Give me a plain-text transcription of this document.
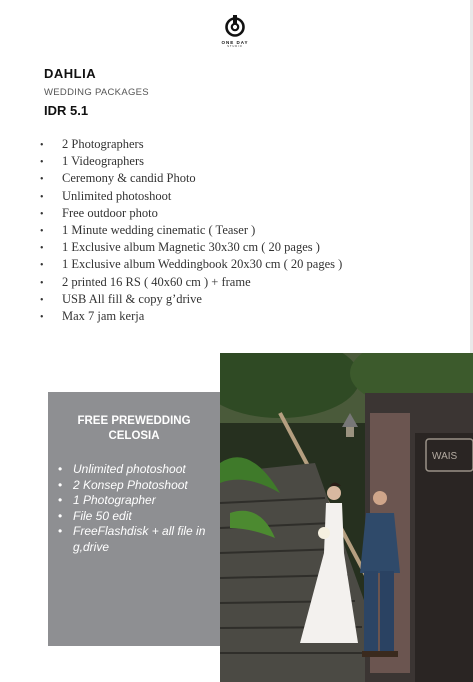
ONE DAY
STUDIO
DAHLIA
WEDDING PACKAGES
IDR 5.1
• 2 Photographers
• 1 Videographers
• Ceremony & candid Photo
• Unlimited photoshoot
• Free outdoor photo
• 1 Minute wedding cinematic ( Teaser )
• 1 Exclusive album Magnetic 30x30 cm ( 20 pages )
• 1 Exclusive album Weddingbook 20x30 cm ( 20 pages )
• 2 printed 16 RS ( 40x60 cm ) + frame
• USB All fill & copy g’drive
• Max 7 jam kerja
WAIS
FREE PREWEDDING
CELOSIA
• Unlimited photoshoot
• 2 Konsep Photoshoot
• 1 Photographer
• File 50 edit
• FreeFlashdisk + all file in g,drive
